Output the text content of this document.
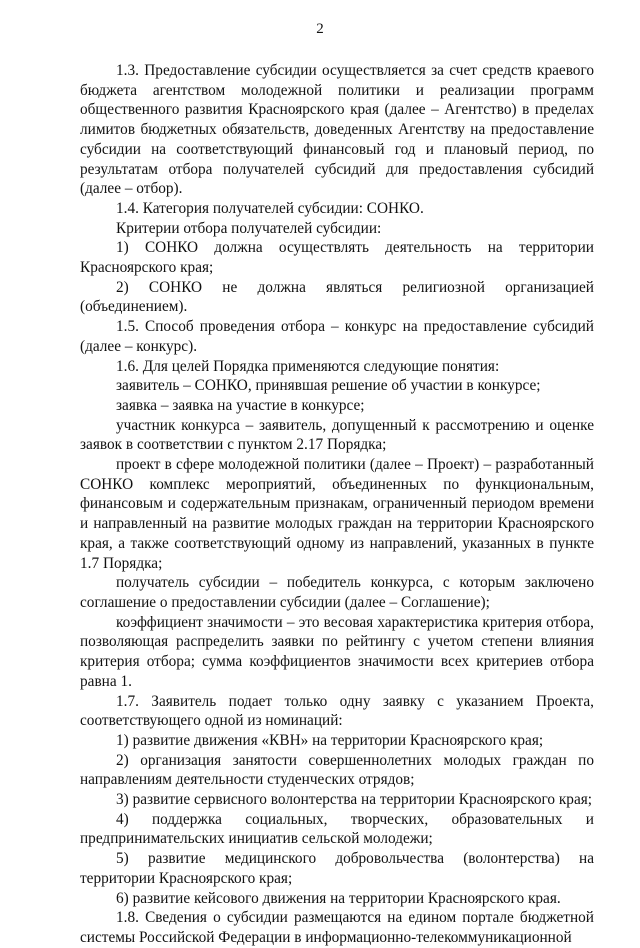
2

1.3. Предоставление субсидии осуществляется за счет средств краевого бюджета агентством молодежной политики и реализации программ общественного развития Красноярского края (далее – Агентство) в пределах лимитов бюджетных обязательств, доведенных Агентству на предоставление субсидии на соответствующий финансовый год и плановый период, по результатам отбора получателей субсидий для предоставления субсидий (далее – отбор).

1.4. Категория получателей субсидии: СОНКО.

Критерии отбора получателей субсидии:

1) СОНКО должна осуществлять деятельность на территории Красноярского края;

2) СОНКО не должна являться религиозной организацией (объединением).

1.5. Способ проведения отбора – конкурс на предоставление субсидий (далее – конкурс).

1.6. Для целей Порядка применяются следующие понятия:

заявитель – СОНКО, принявшая решение об участии в конкурсе;

заявка – заявка на участие в конкурсе;

участник конкурса – заявитель, допущенный к рассмотрению и оценке заявок в соответствии с пунктом 2.17 Порядка;

проект в сфере молодежной политики (далее – Проект) – разработанный СОНКО комплекс мероприятий, объединенных по функциональным, финансовым и содержательным признакам, ограниченный периодом времени и направленный на развитие молодых граждан на территории Красноярского края, а также соответствующий одному из направлений, указанных в пункте 1.7 Порядка;

получатель субсидии – победитель конкурса, с которым заключено соглашение о предоставлении субсидии (далее – Соглашение);

коэффициент значимости – это весовая характеристика критерия отбора, позволяющая распределить заявки по рейтингу с учетом степени влияния критерия отбора; сумма коэффициентов значимости всех критериев отбора равна 1.

1.7. Заявитель подает только одну заявку с указанием Проекта, соответствующего одной из номинаций:

1) развитие движения «КВН» на территории Красноярского края;

2) организация занятости совершеннолетних молодых граждан по направлениям деятельности студенческих отрядов;

3) развитие сервисного волонтерства на территории Красноярского края;

4) поддержка социальных, творческих, образовательных и предпринимательских инициатив сельской молодежи;

5) развитие медицинского добровольчества (волонтерства) на территории Красноярского края;

6) развитие кейсового движения на территории Красноярского края.

1.8. Сведения о субсидии размещаются на едином портале бюджетной системы Российской Федерации в информационно-телекоммуникационной
